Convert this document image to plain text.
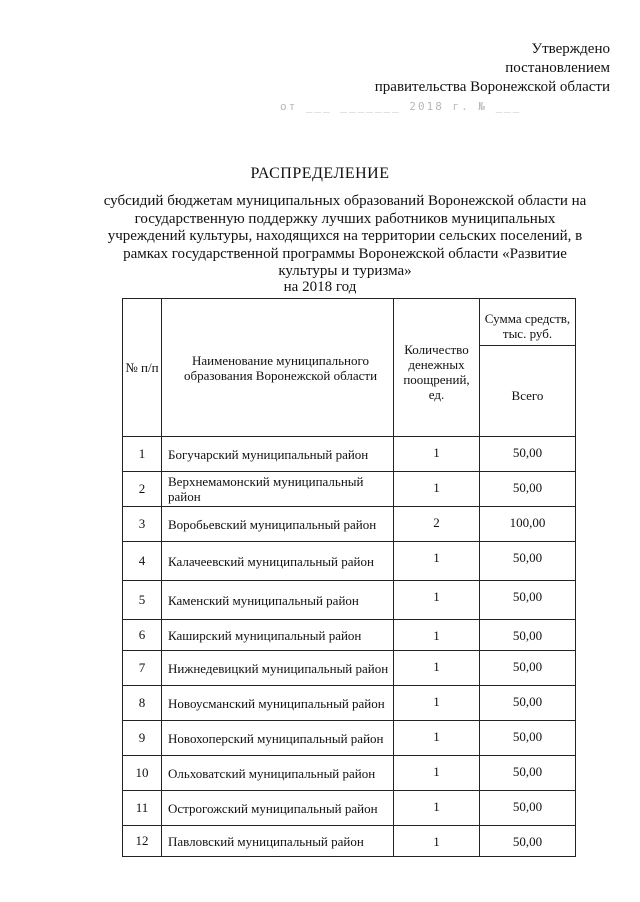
Утверждено
постановлением
правительства Воронежской области
от ___ _______ 2018 г. № ___
РАСПРЕДЕЛЕНИЕ
субсидий бюджетам муниципальных образований Воронежской области на государственную поддержку лучших работников муниципальных учреждений культуры, находящихся на территории сельских поселений, в рамках государственной программы Воронежской области «Развитие культуры и туризма»
на 2018 год
№ п/п	Наименование муниципального образования Воронежской области	Количество денежных поощрений, ед.	Сумма средств, тыс. руб.
			Всего
1	Богучарский муниципальный район	1	50,00
2	Верхнемамонский муниципальный район	1	50,00
3	Воробьевский муниципальный район	2	100,00
4	Калачеевский муниципальный район	1	50,00
5	Каменский муниципальный район	1	50,00
6	Каширский муниципальный район	1	50,00
7	Нижнедевицкий муниципальный район	1	50,00
8	Новоусманский муниципальный район	1	50,00
9	Новохоперский муниципальный район	1	50,00
10	Ольховатский муниципальный район	1	50,00
11	Острогожский муниципальный район	1	50,00
12	Павловский муниципальный район	1	50,00
